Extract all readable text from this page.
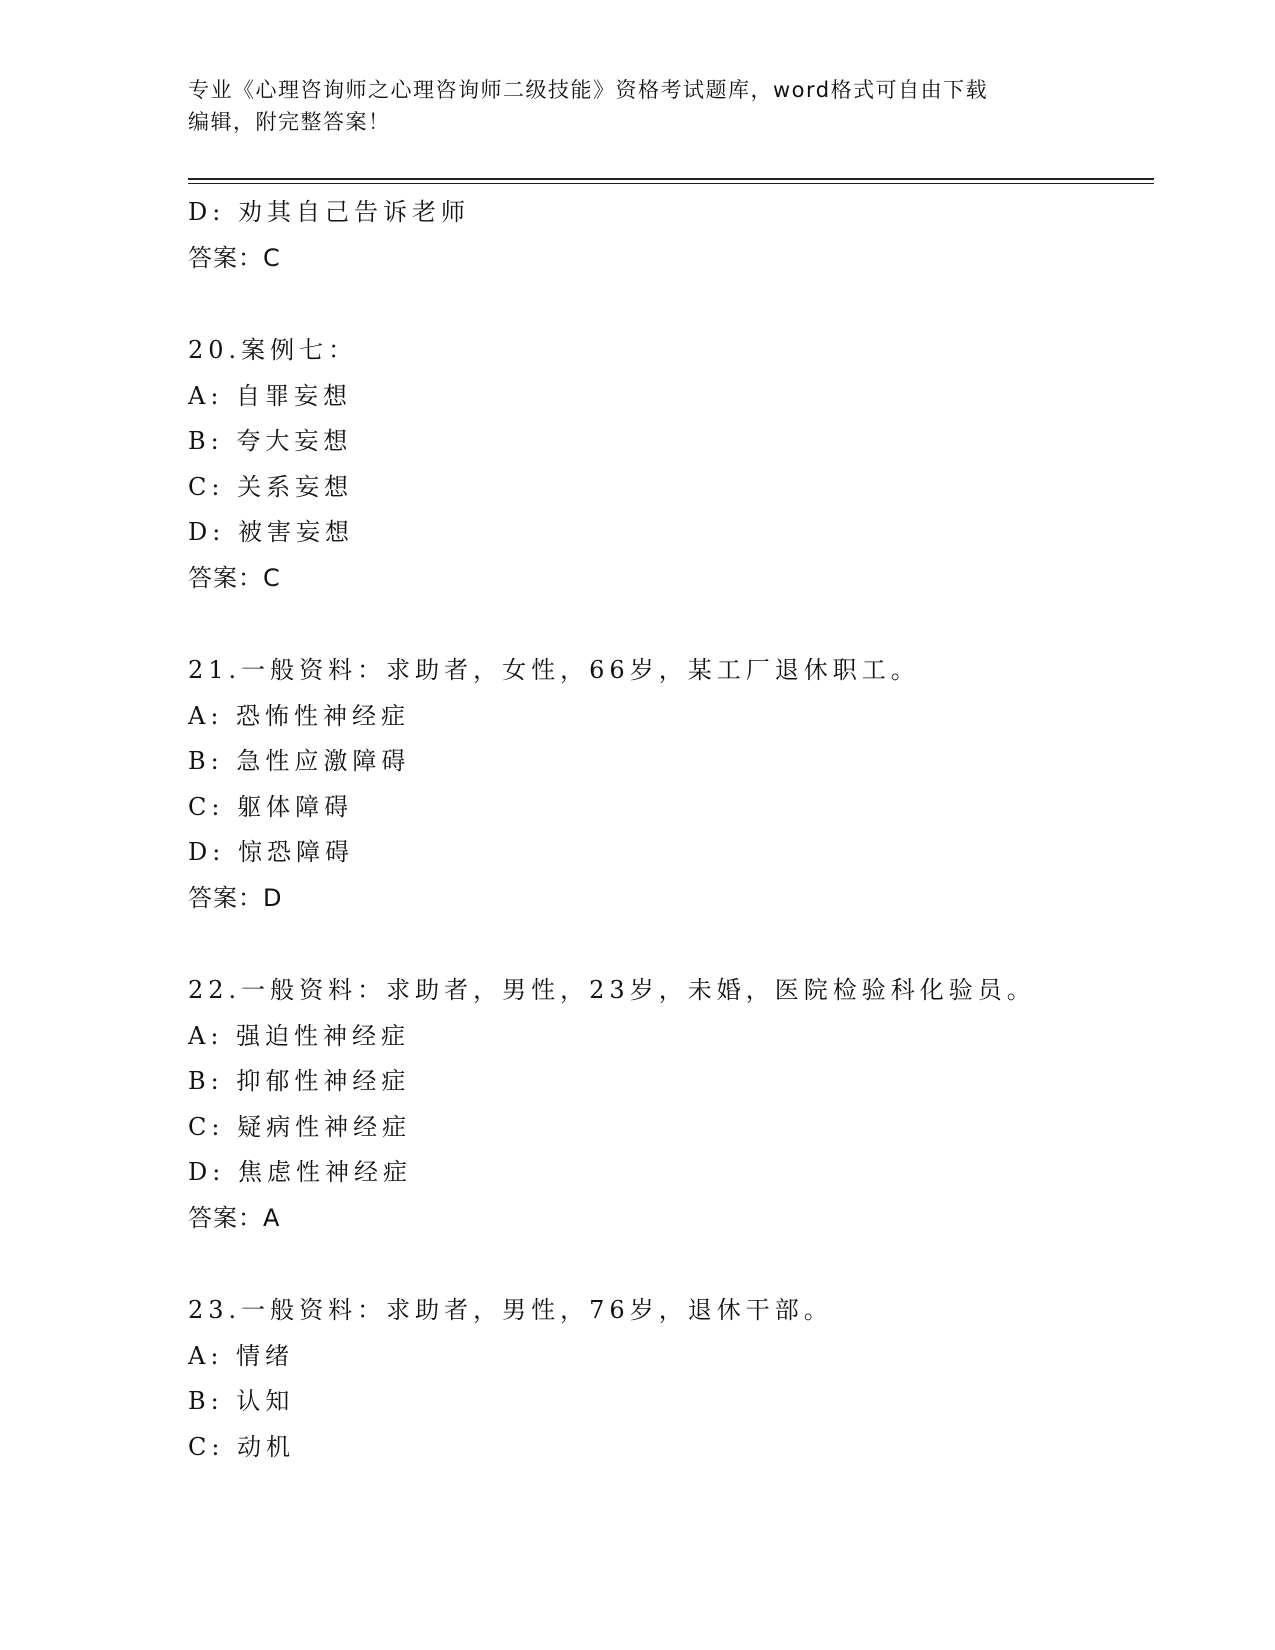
专业《心理咨询师之心理咨询师二级技能》资格考试题库，word格式可自由下载
编辑，附完整答案！
D: 劝其自己告诉老师
答案：C
20.案例七：
A: 自罪妄想
B: 夸大妄想
C: 关系妄想
D: 被害妄想
答案：C
21.一般资料：求助者，女性，66岁，某工厂退休职工。
A: 恐怖性神经症
B: 急性应激障碍
C: 躯体障碍
D: 惊恐障碍
答案：D
22.一般资料：求助者，男性，23岁，未婚，医院检验科化验员。
A: 强迫性神经症
B: 抑郁性神经症
C: 疑病性神经症
D: 焦虑性神经症
答案：A
23.一般资料：求助者，男性，76岁，退休干部。
A: 情绪
B: 认知
C: 动机
